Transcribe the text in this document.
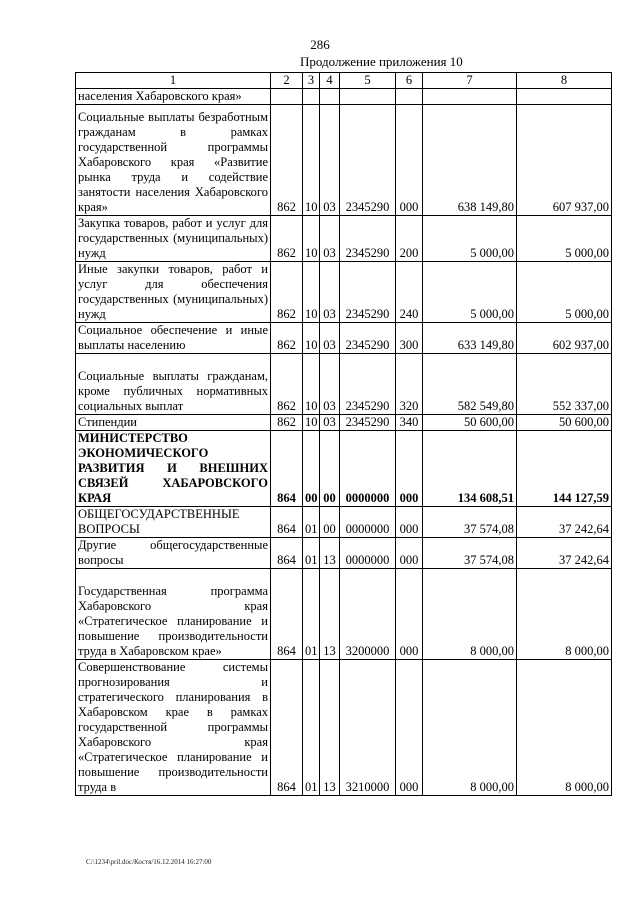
286
Продолжение приложения 10
1	2	3	4	5	6	7	8
населения Хабаровского края»							
Социальные выплаты безработным гражданам в рамках государственной программы Хабаровского края «Развитие рынка труда и содействие занятости населения Хабаровского края»	862	10	03	2345290	000	638 149,80	607 937,00
Закупка товаров, работ и услуг для государственных (муниципальных) нужд	862	10	03	2345290	200	5 000,00	5 000,00
Иные закупки товаров, работ и услуг для обеспечения государственных (муниципальных) нужд	862	10	03	2345290	240	5 000,00	5 000,00
Социальное обеспечение и иные выплаты населению	862	10	03	2345290	300	633 149,80	602 937,00
Социальные выплаты гражданам, кроме публичных нормативных социальных выплат	862	10	03	2345290	320	582 549,80	552 337,00
Стипендии	862	10	03	2345290	340	50 600,00	50 600,00
МИНИСТЕРСТВО ЭКОНОМИЧЕСКОГО РАЗВИТИЯ И ВНЕШНИХ СВЯЗЕЙ ХАБАРОВСКОГО КРАЯ	864	00	00	0000000	000	134 608,51	144 127,59
ОБЩЕГОСУДАРСТВЕННЫЕ ВОПРОСЫ	864	01	00	0000000	000	37 574,08	37 242,64
Другие общегосударственные вопросы	864	01	13	0000000	000	37 574,08	37 242,64
Государственная программа Хабаровского края «Стратегическое планирование и повышение производительности труда в Хабаровском крае»	864	01	13	3200000	000	8 000,00	8 000,00
Совершенствование системы прогнозирования и стратегического планирования в Хабаровском крае в рамках государственной программы Хабаровского края «Стратегическое планирование и повышение производительности труда в	864	01	13	3210000	000	8 000,00	8 000,00
C:\1234\pril.doc/Костя/16.12.2014 16:27:00
